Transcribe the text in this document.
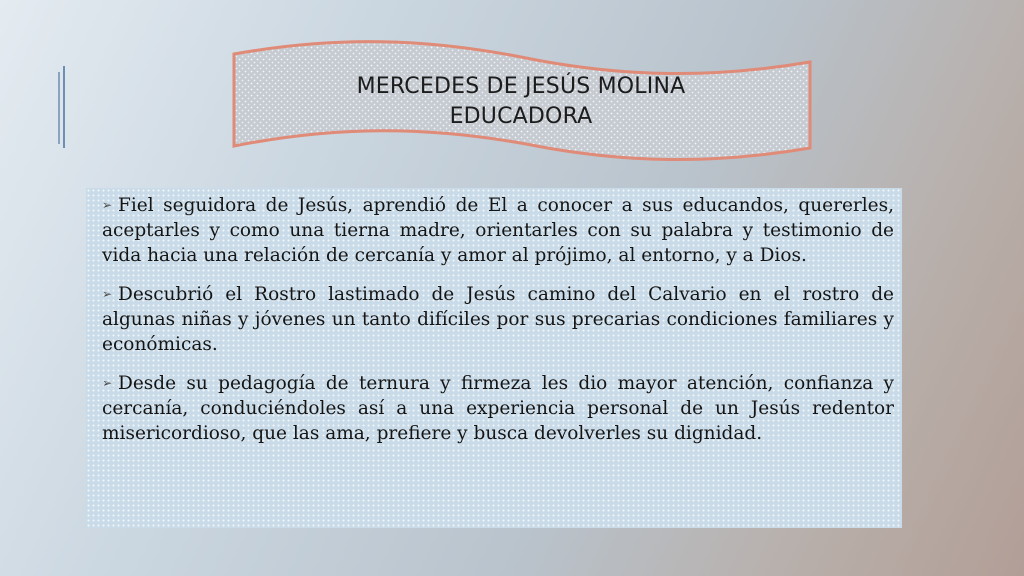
MERCEDES DE JESÚS MOLINA
EDUCADORA
➢ Fiel seguidora de Jesús, aprendió de El a conocer a sus educandos, quererles, aceptarles y como una tierna madre, orientarles con su palabra y testimonio de vida hacia una relación de cercanía y amor al prójimo, al entorno, y a Dios.
➢ Descubrió el Rostro lastimado de Jesús camino del Calvario en el rostro de algunas niñas y jóvenes un tanto difíciles por sus precarias condiciones familiares y económicas.
➢ Desde su pedagogía de ternura y firmeza les dio mayor atención, confianza y cercanía, conduciéndoles así a una experiencia personal de un Jesús redentor misericordioso, que las ama, prefiere y busca devolverles su dignidad.
